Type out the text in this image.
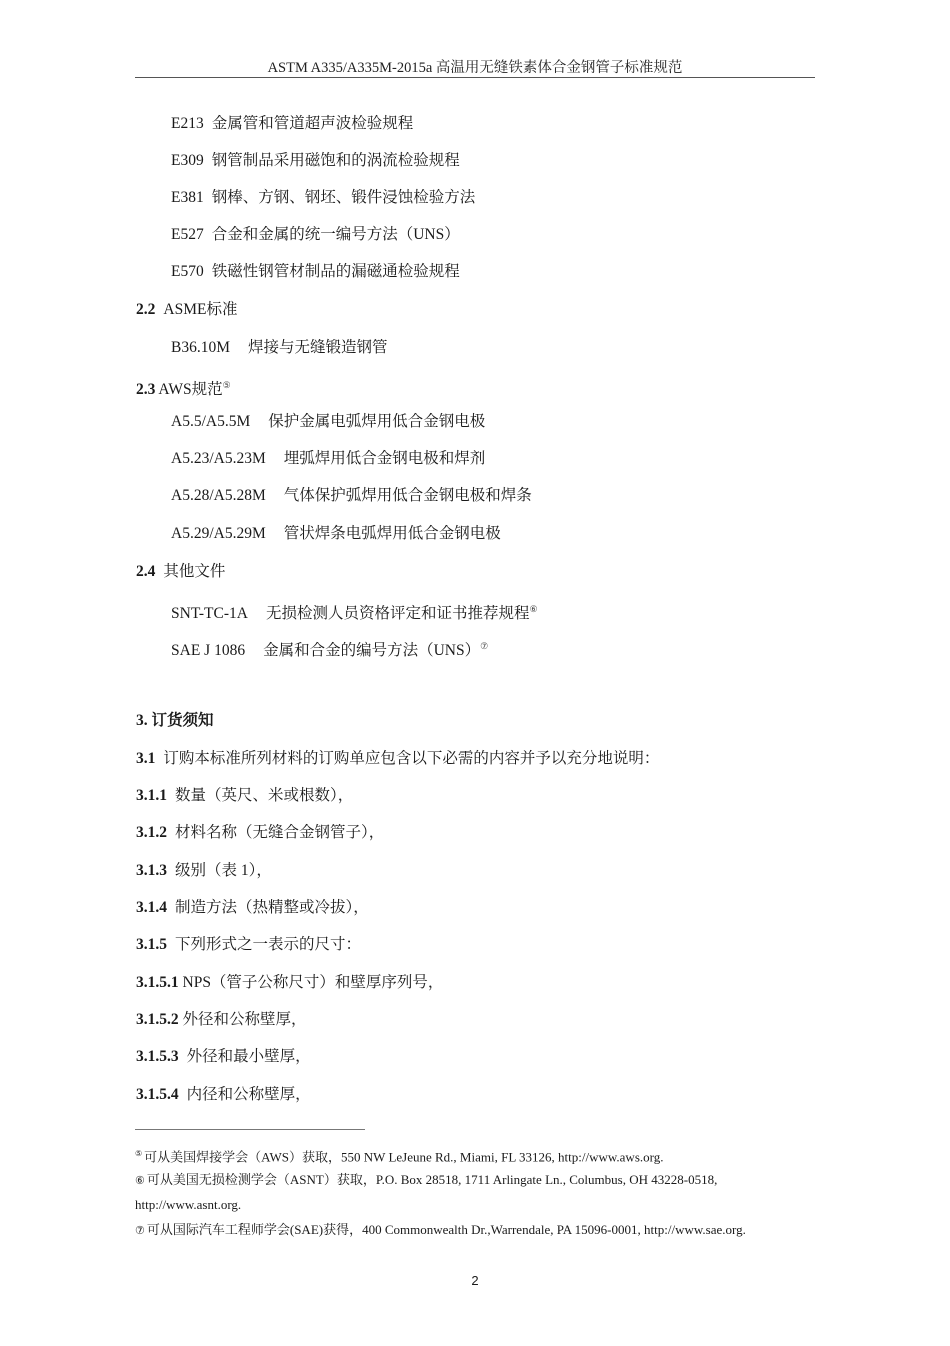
ASTM A335/A335M-2015a 高温用无缝铁素体合金钢管子标准规范
E213 金属管和管道超声波检验规程
E309 钢管制品采用磁饱和的涡流检验规程
E381 钢棒、方钢、钢坯、锻件浸蚀检验方法
E527 合金和金属的统一编号方法（UNS）
E570 铁磁性钢管材制品的漏磁通检验规程
2.2 ASME标准
B36.10M 焊接与无缝锻造钢管
2.3 AWS规范⑤
A5.5/A5.5M 保护金属电弧焊用低合金钢电极
A5.23/A5.23M 埋弧焊用低合金钢电极和焊剂
A5.28/A5.28M 气体保护弧焊用低合金钢电极和焊条
A5.29/A5.29M 管状焊条电弧焊用低合金钢电极
2.4 其他文件
SNT-TC-1A 无损检测人员资格评定和证书推荐规程⑥
SAE J 1086 金属和合金的编号方法（UNS）⑦
3. 订货须知
3.1 订购本标准所列材料的订购单应包含以下必需的内容并予以充分地说明：
3.1.1 数量（英尺、米或根数），
3.1.2 材料名称（无缝合金钢管子），
3.1.3 级别（表 1），
3.1.4 制造方法（热精整或冷拔），
3.1.5 下列形式之一表示的尺寸：
3.1.5.1 NPS（管子公称尺寸）和壁厚序列号，
3.1.5.2 外径和公称壁厚，
3.1.5.3 外径和最小壁厚，
3.1.5.4 内径和公称壁厚，
⑤ 可从美国焊接学会（AWS）获取，550 NW LeJeune Rd., Miami, FL 33126, http://www.aws.org.
⑥ 可从美国无损检测学会（ASNT）获取，P.O. Box 28518, 1711 Arlingate Ln., Columbus, OH 43228-0518,
http://www.asnt.org.
⑦ 可从国际汽车工程师学会(SAE)获得，400 Commonwealth Dr.,Warrendale, PA 15096-0001, http://www.sae.org.
2
